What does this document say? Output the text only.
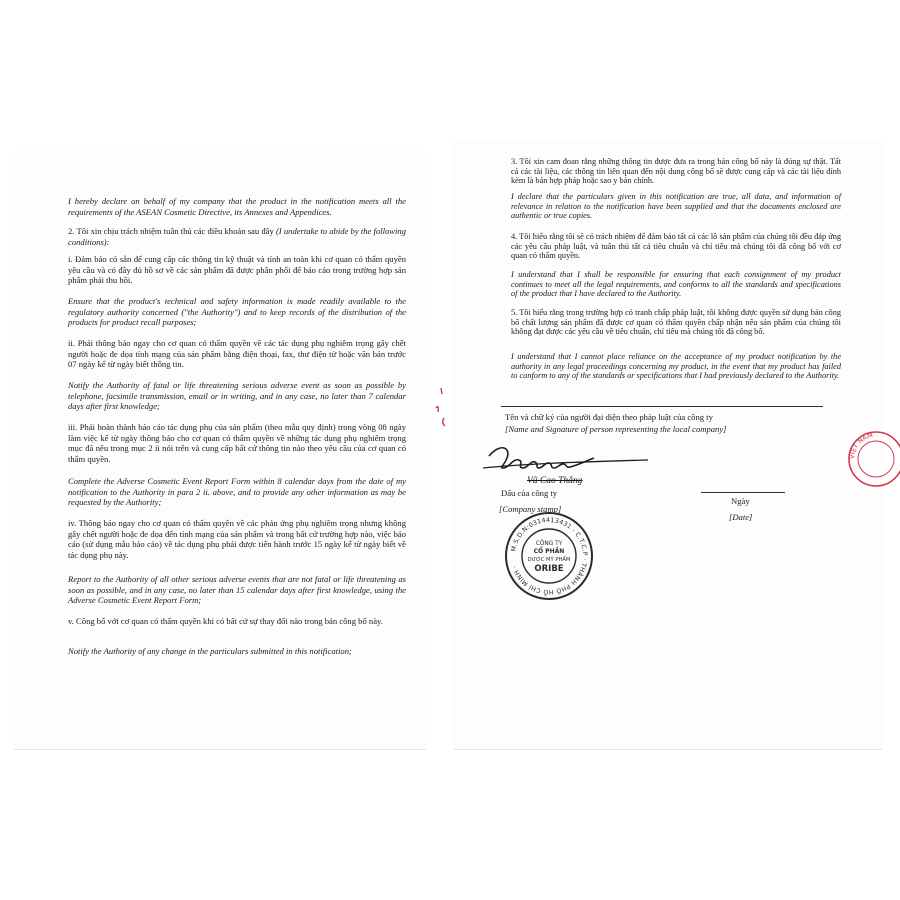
I hereby declare on behalf of my company that the product in the notification meets all the requirements of the ASEAN Cosmetic Directive, its Annexes and Appendices.

2. Tôi xin chịu trách nhiệm tuân thủ các điều khoản sau đây (I undertake to abide by the following conditions):

i. Đảm bảo có sẵn để cung cấp các thông tin kỹ thuật và tính an toàn khi cơ quan có thẩm quyền yêu cầu và có đầy đủ hồ sơ về các sản phẩm đã được phân phối để báo cáo trong trường hợp sản phẩm phải thu hồi.

Ensure that the product's technical and safety information is made readily available to the regulatory authority concerned ("the Authority") and to keep records of the distribution of the products for product recall purposes;

ii. Phải thông báo ngay cho cơ quan có thẩm quyền về các tác dụng phụ nghiêm trọng gây chết người hoặc đe dọa tính mạng của sản phẩm bằng điện thoại, fax, thư điện tử hoặc văn bản trước 07 ngày kể từ ngày biết thông tin.

Notify the Authority of fatal or life threatening serious adverse event as soon as possible by telephone, facsimile transmission, email or in writing, and in any case, no later than 7 calendar days after first knowledge;

iii. Phải hoàn thành báo cáo tác dụng phụ của sản phẩm (theo mẫu quy định) trong vòng 08 ngày làm việc kể từ ngày thông báo cho cơ quan có thẩm quyền về những tác dụng phụ nghiêm trọng mục đã nêu trong mục 2 ii nói trên và cung cấp bất cứ thông tin nào theo yêu cầu của cơ quan có thẩm quyền.

Complete the Adverse Cosmetic Event Report Form within 8 calendar days from the date of my notification to the Authority in para 2 ii. above, and to provide any other information as may be requested by the Authority;

iv. Thông báo ngay cho cơ quan có thẩm quyền về các phản ứng phụ nghiêm trọng nhưng không gây chết người hoặc đe dọa đến tính mạng của sản phẩm và trong bất cứ trường hợp nào, việc báo cáo (sử dụng mẫu báo cáo) về tác dụng phụ phải được tiến hành trước 15 ngày kể từ ngày biết về tác dụng phụ này.

Report to the Authority of all other serious adverse events that are not fatal or life threatening as soon as possible, and in any case, no later than 15 calendar days after first knowledge, using the Adverse Cosmetic Event Report Form;

v. Công bố với cơ quan có thẩm quyền khi có bất cứ sự thay đổi nào trong bản công bố này.

Notify the Authority of any change in the particulars submitted in this notification;

3. Tôi xin cam đoan rằng những thông tin được đưa ra trong bản công bố này là đúng sự thật. Tất cả các tài liệu, các thông tin liên quan đến nội dung công bố sẽ được cung cấp và các tài liệu đính kèm là bản hợp pháp hoặc sao y bản chính.

I declare that the particulars given in this notification are true, all data, and information of relevance in relation to the notification have been supplied and that the documents enclosed are authentic or true copies.

4. Tôi hiểu rằng tôi sẽ có trách nhiệm để đảm bảo tất cả các lô sản phẩm của chúng tôi đều đáp ứng các yêu cầu pháp luật, và tuân thủ tất cả tiêu chuẩn và chỉ tiêu mà chúng tôi đã công bố với cơ quan có thẩm quyền.

I understand that I shall be responsible for ensuring that each consignment of my product continues to meet all the legal requirements, and conforms to all the standards and specifications of the product that I have declared to the Authority.

5. Tôi hiểu rằng trong trường hợp có tranh chấp pháp luật, tôi không được quyền sử dụng bản công bố chất lượng sản phẩm đã được cơ quan có thẩm quyền chấp nhận nếu sản phẩm của chúng tôi không đạt được các yêu cầu về tiêu chuẩn, chỉ tiêu mà chúng tôi đã công bố.

I understand that I cannot place reliance on the acceptance of my product notification by the authority in any legal proceedings concerning my product, in the event that my product has failed to conform to any of the standards or specifications that I had previously declared to the Authority.

Tên và chữ ký của người đại diện theo pháp luật của công ty

[Name and Signature of person representing the local company]

Vũ Cao Thắng

Dấu của công ty

[Company stamp]

Ngày

[Date]

M.S.D.N:0314413431 - C.T.C.P · THÀNH PHỐ HỒ CHÍ MINH ·
CÔNG TY
CỔ PHẦN
DƯỢC MỸ PHẨM
ORIBE
VIỆT NAM
